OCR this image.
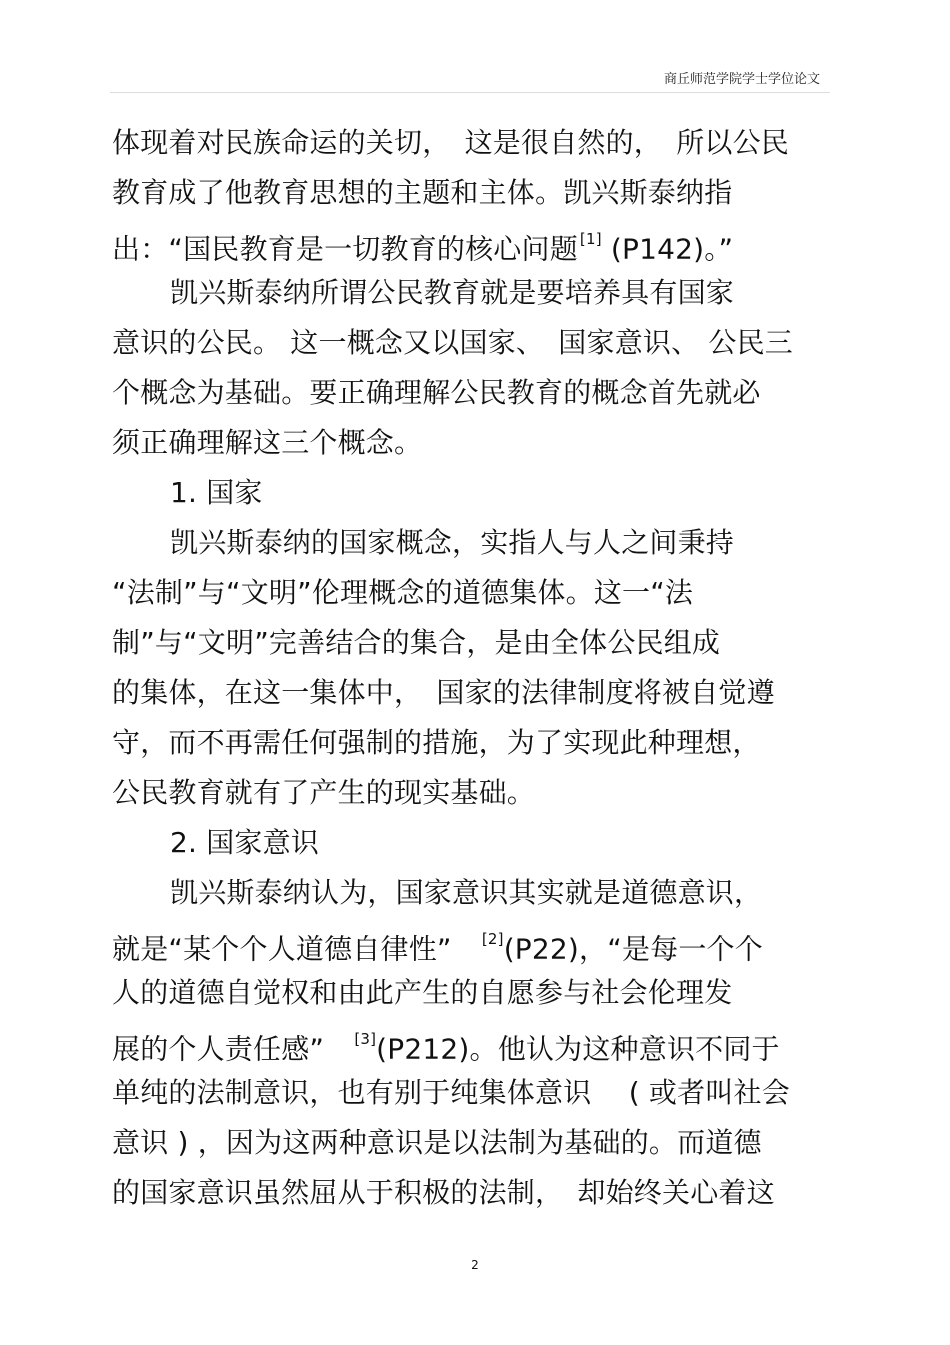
商丘师范学院学士学位论文
体现着对民族命运的关切，　这是很自然的，　所以公民
教育成了他教育思想的主题和主体。凯兴斯泰纳指
出：“国民教育是一切教育的核心问题 [1] (P142)。”
凯兴斯泰纳所谓公民教育就是要培养具有国家
意识的公民。 这一概念又以国家、　国家意识、 公民三
个概念为基础。要正确理解公民教育的概念首先就必
须正确理解这三个概念。
1. 国家
凯兴斯泰纳的国家概念，实指人与人之间秉持
“法制”与“文明”伦理概念的道德集体。这一“法
制”与“文明”完善结合的集合，是由全体公民组成
的集体，在这一集体中，　国家的法律制度将被自觉遵
守，而不再需任何强制的措施，为了实现此种理想，
公民教育就有了产生的现实基础。
2. 国家意识
凯兴斯泰纳认为，国家意识其实就是道德意识，
就是“某个个人道德自律性”　[2](P22)，“是每一个个
人的道德自觉权和由此产生的自愿参与社会伦理发
展的个人责任感”　[3](P212)。他认为这种意识不同于
单纯的法制意识，也有别于纯集体意识　 ( 或者叫社会
意识 ) ，因为这两种意识是以法制为基础的。而道德
的国家意识虽然屈从于积极的法制，　却始终关心着这
2
